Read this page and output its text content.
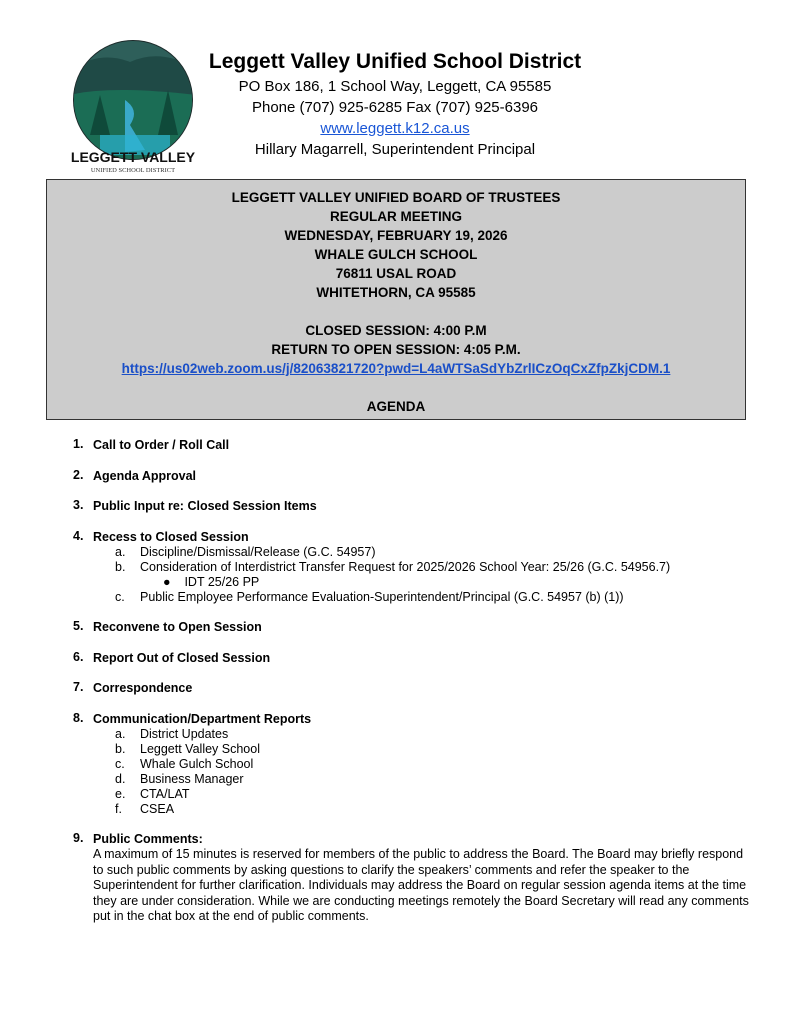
LEGGETT VALLEY
UNIFIED SCHOOL DISTRICT
Leggett Valley Unified School District
PO Box 186, 1 School Way, Leggett, CA 95585
Phone (707) 925-6285 Fax (707) 925-6396
www.leggett.k12.ca.us
Hillary Magarrell, Superintendent Principal
LEGGETT VALLEY UNIFIED BOARD OF TRUSTEES
REGULAR MEETING
WEDNESDAY, FEBRUARY 19, 2026
WHALE GULCH SCHOOL
76811 USAL ROAD
WHITETHORN, CA 95585

CLOSED SESSION: 4:00 P.M
RETURN TO OPEN SESSION: 4:05 P.M.
https://us02web.zoom.us/j/82063821720?pwd=L4aWTSaSdYbZrlICzOqCxZfpZkjCDM.1

AGENDA
1. Call to Order / Roll Call
2. Agenda Approval
3. Public Input re: Closed Session Items
4. Recess to Closed Session
a.	Discipline/Dismissal/Release (G.C. 54957)
b.	Consideration of Interdistrict Transfer Request for 2025/2026 School Year: 25/26 (G.C. 54956.7)
●    IDT 25/26 PP
c.	Public Employee Performance Evaluation-Superintendent/Principal (G.C. 54957 (b) (1))
5. Reconvene to Open Session
6. Report Out of Closed Session
7. Correspondence
8. Communication/Department Reports
a.	District Updates
b.	Leggett Valley School
c.	Whale Gulch School
d.	Business Manager
e.	CTA/LAT
f.	CSEA
9. Public Comments:
A maximum of 15 minutes is reserved for members of the public to address the Board. The Board may briefly respond to such public comments by asking questions to clarify the speakers’ comments and refer the speaker to the Superintendent for further clarification. Individuals may address the Board on regular session agenda items at the time they are under consideration. While we are conducting meetings remotely the Board Secretary will read any comments put in the chat box at the end of public comments.
